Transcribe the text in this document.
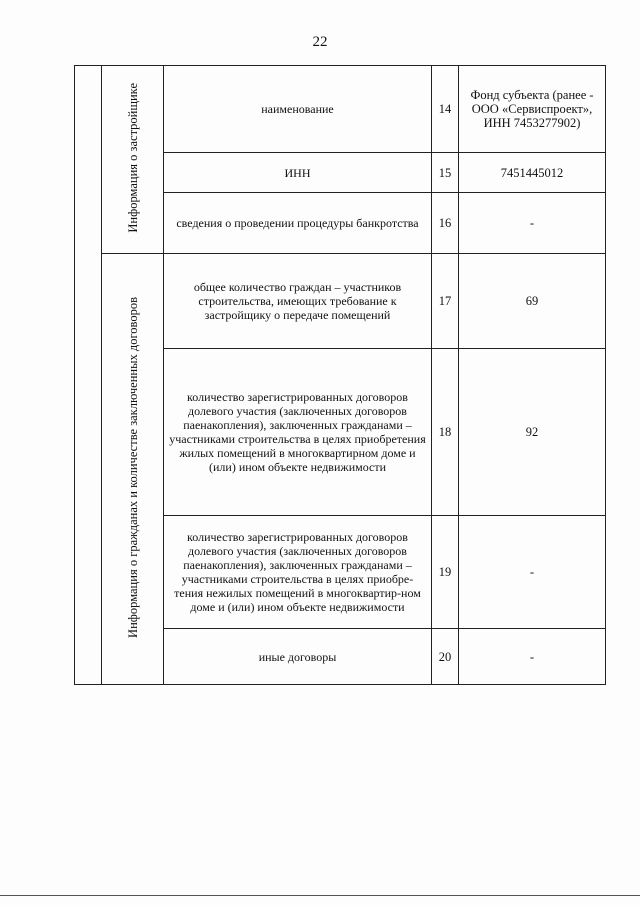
22
	Информация о застройщике	наименование	14	Фонд субъекта (ранее - ООО «Сервиспроект», ИНН 7453277902)
		ИНН	15	7451445012
		сведения о проведении процедуры банкротства	16	-
	Информация о гражданах и количестве заключенных договоров	общее количество граждан – участников строительства, имеющих требование к застройщику о передаче помещений	17	69
		количество зарегистрированных договоров долевого участия (заключенных договоров паенакопления), заключенных гражданами – участниками строительства в целях приобретения жилых помещений в многоквартирном доме и (или) ином объекте недвижимости	18	92
		количество зарегистрированных договоров долевого участия (заключенных договоров паенакопления), заключенных гражданами – участниками строительства в целях приобре-тения нежилых помещений в многоквартир-ном доме и (или) ином объекте недвижимости	19	-
		иные договоры	20	-
